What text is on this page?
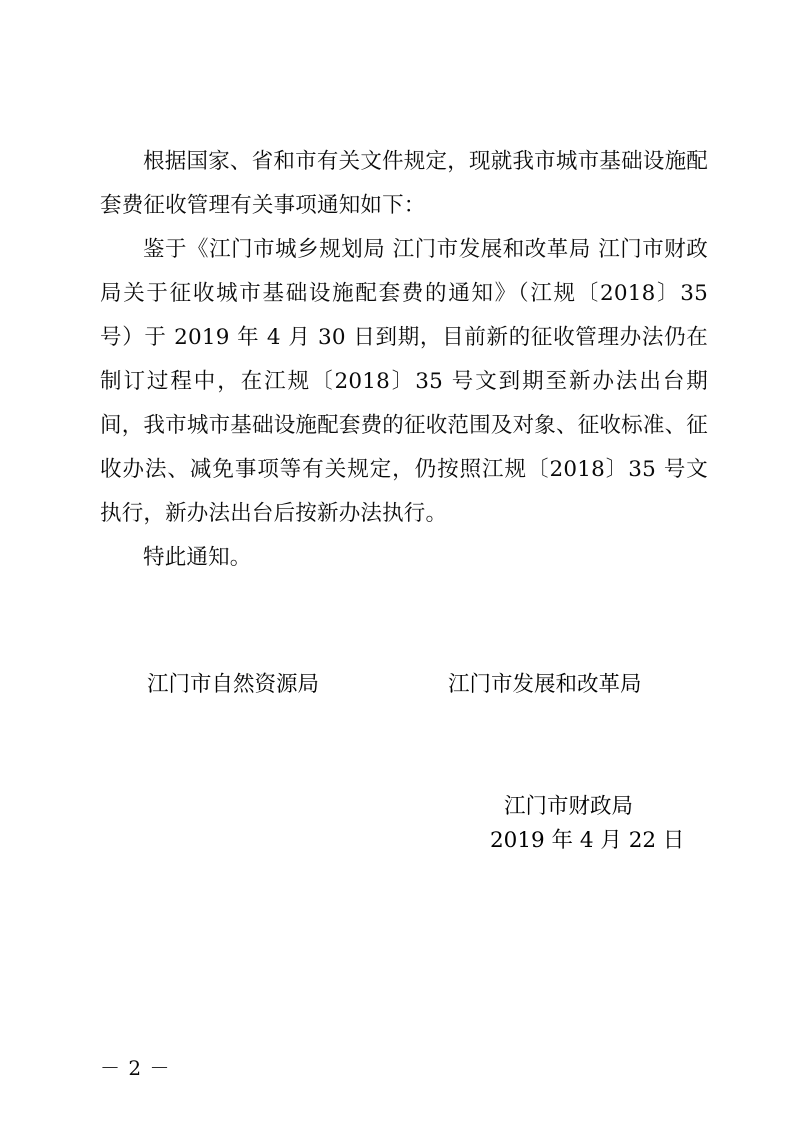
根据国家、省和市有关文件规定，现就我市城市基础设施配套费征收管理有关事项通知如下：

鉴于《江门市城乡规划局 江门市发展和改革局 江门市财政局关于征收城市基础设施配套费的通知》（江规〔2018〕35 号）于 2019 年 4 月 30 日到期，目前新的征收管理办法仍在制订过程中，在江规〔2018〕35 号文到期至新办法出台期间，我市城市基础设施配套费的征收范围及对象、征收标准、征收办法、减免事项等有关规定，仍按照江规〔2018〕35 号文执行，新办法出台后按新办法执行。

特此通知。

江门市自然资源局	江门市发展和改革局
江门市财政局
2019 年 4 月 22 日
－ 2 －
